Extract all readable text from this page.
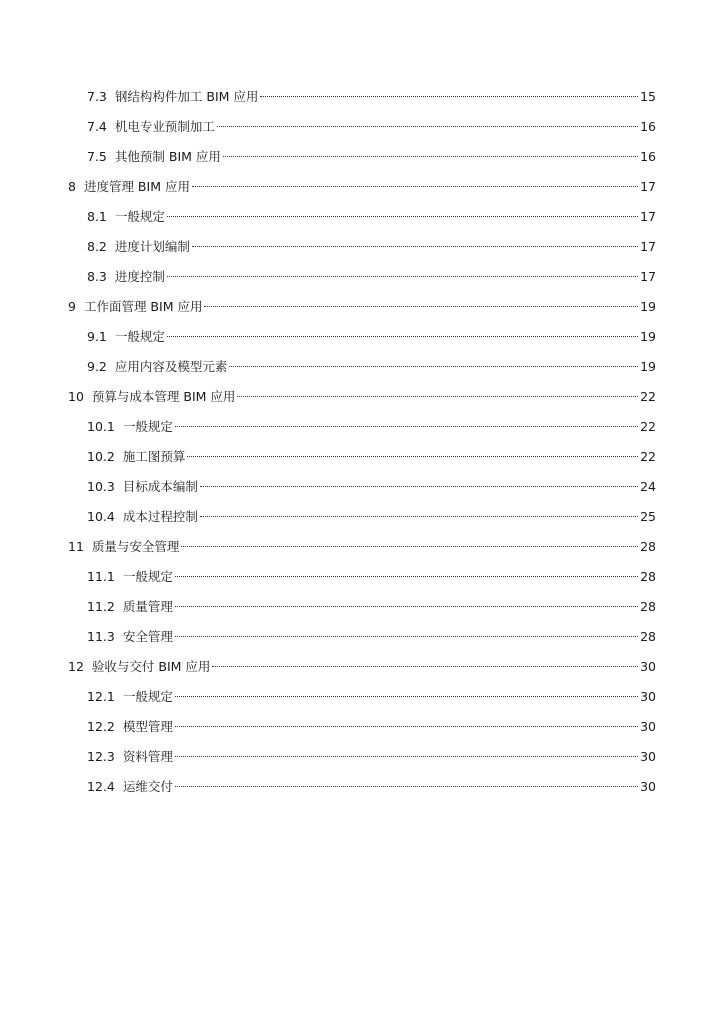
7.3 钢结构构件加工 BIM 应用	15
7.4 机电专业预制加工	16
7.5 其他预制 BIM 应用	16
8 进度管理 BIM 应用	17
8.1 一般规定	17
8.2 进度计划编制	17
8.3 进度控制	17
9 工作面管理 BIM 应用	19
9.1 一般规定	19
9.2 应用内容及模型元素	19
10 预算与成本管理 BIM 应用	22
10.1 一般规定	22
10.2 施工图预算	22
10.3 目标成本编制	24
10.4 成本过程控制	25
11 质量与安全管理	28
11.1 一般规定	28
11.2 质量管理	28
11.3 安全管理	28
12 验收与交付 BIM 应用	30
12.1 一般规定	30
12.2 模型管理	30
12.3 资料管理	30
12.4 运维交付	30
